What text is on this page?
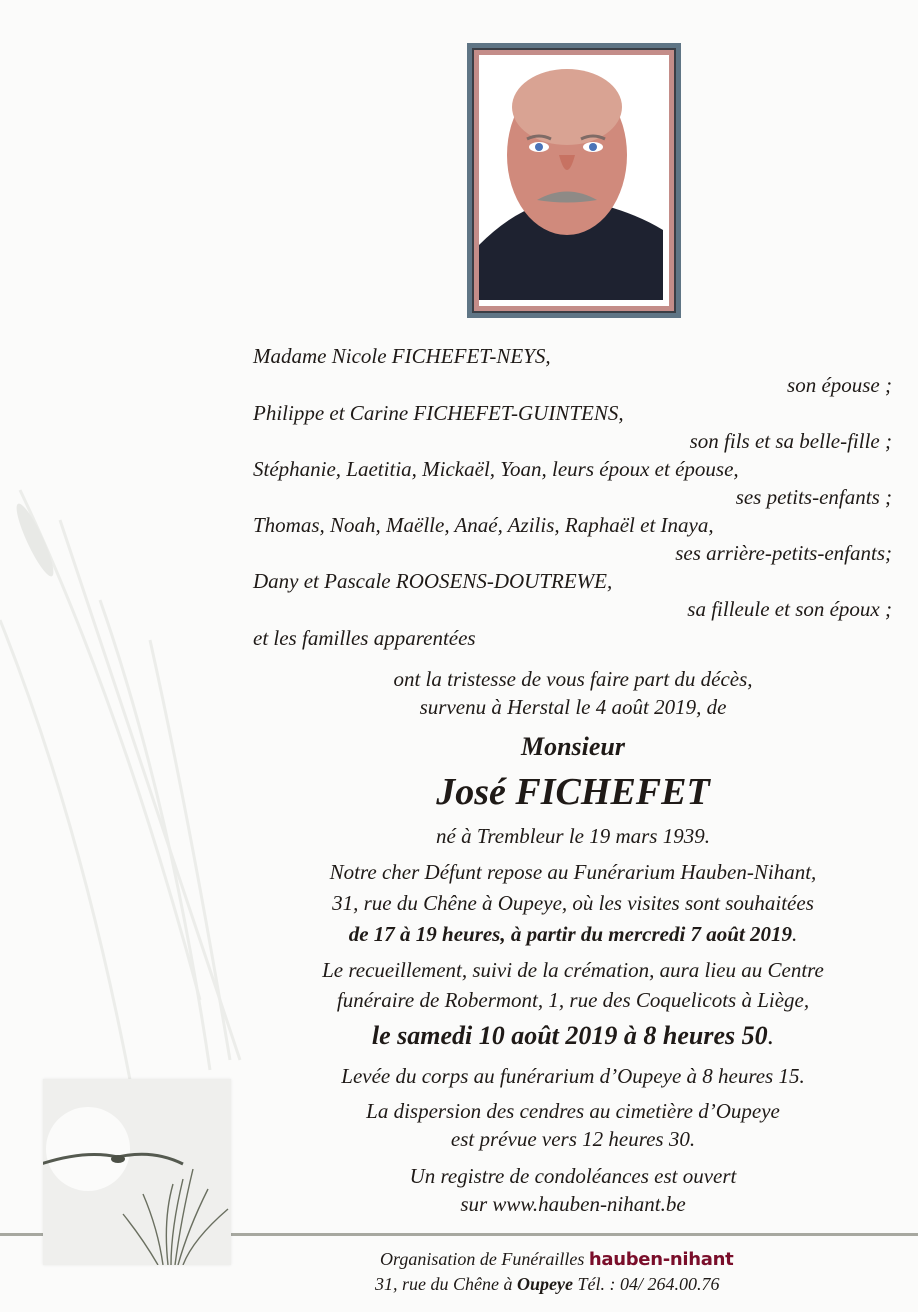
Madame Nicole FICHEFET-NEYS,
son épouse ;
Philippe et Carine FICHEFET-GUINTENS,
son fils et sa belle-fille ;
Stéphanie, Laetitia, Mickaël, Yoan, leurs époux et épouse,
ses petits-enfants ;
Thomas, Noah, Maëlle, Anaé, Azilis, Raphaël et Inaya,
ses arrière-petits-enfants;
Dany et Pascale ROOSENS-DOUTREWE,
sa filleule et son époux ;
et les familles apparentées
ont la tristesse de vous faire part du décès,
survenu à Herstal le 4 août 2019, de
Monsieur
José FICHEFET
né à Trembleur le 19 mars 1939.
Notre cher Défunt repose au Funérarium Hauben-Nihant,
31, rue du Chêne à Oupeye, où les visites sont souhaitées
de 17 à 19 heures, à partir du mercredi 7 août 2019.
Le recueillement, suivi de la crémation, aura lieu au Centre
funéraire de Robermont, 1, rue des Coquelicots à Liège,
le samedi 10 août 2019 à 8 heures 50.
Levée du corps au funérarium d’Oupeye à 8 heures 15.
La dispersion des cendres au cimetière d’Oupeye
est prévue vers 12 heures 30.
Un registre de condoléances est ouvert
sur www.hauben-nihant.be
Organisation de Funérailles hauben-nihant
31, rue du Chêne à Oupeye Tél. : 04/ 264.00.76
